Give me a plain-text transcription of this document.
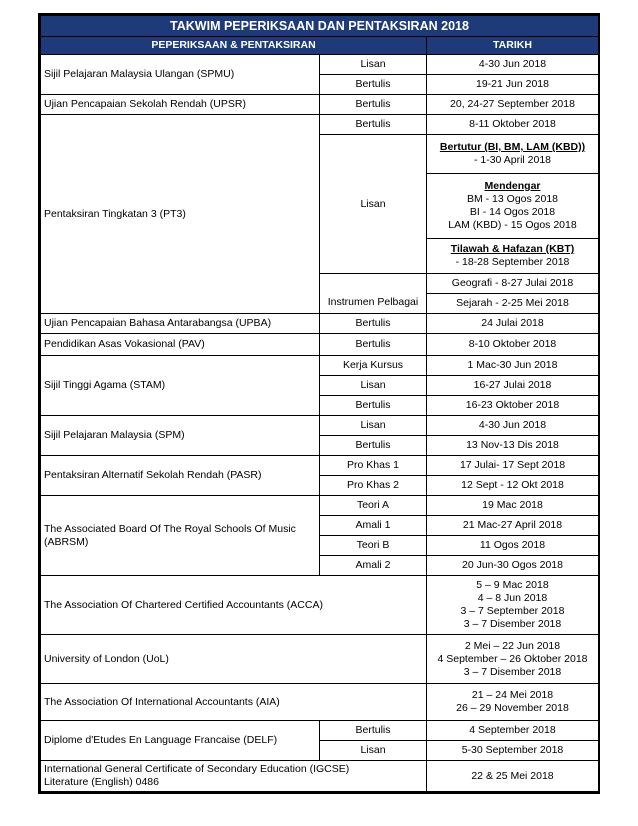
TAKWIM PEPERIKSAAN DAN PENTAKSIRAN 2018		
PEPERIKSAAN & PENTAKSIRAN		TARIKH
Sijil Pelajaran Malaysia Ulangan (SPMU)	Lisan	4-30 Jun 2018
	Bertulis	19-21 Jun 2018
Ujian Pencapaian Sekolah Rendah (UPSR)	Bertulis	20, 24-27 September 2018
Pentaksiran Tingkatan 3 (PT3)	Bertulis	8-11 Oktober 2018
	Lisan	Bertutur (BI, BM, LAM (KBD))
- 1-30 April 2018

		Mendengar
BM - 13 Ogos 2018
BI - 14 Ogos 2018
LAM (KBD) - 15 Ogos 2018

		Tilawah & Hafazan (KBT)
- 18-28 September 2018

	Instrumen Pelbagai	Geografi - 8-27 Julai 2018
		Sejarah - 2-25 Mei 2018
Ujian Pencapaian Bahasa Antarabangsa (UPBA)	Bertulis	24 Julai 2018
Pendidikan Asas Vokasional (PAV)	Bertulis	8-10 Oktober 2018
Sijil Tinggi Agama (STAM)	Kerja Kursus	1 Mac-30 Jun 2018
	Lisan	16-27 Julai 2018
	Bertulis	16-23 Oktober 2018
Sijil Pelajaran Malaysia (SPM)	Lisan	4-30 Jun 2018
	Bertulis	13 Nov-13 Dis 2018
Pentaksiran Alternatif Sekolah Rendah (PASR)	Pro Khas 1	17 Julai- 17 Sept 2018
	Pro Khas 2	12 Sept - 12 Okt 2018

The Associated Board Of The Royal Schools Of Music
(ABRSM)	Teori A	19 Mac 2018
	Amali 1	21 Mac-27 April 2018
	Teori B	11 Ogos 2018
	Amali 2	20 Jun-30 Ogos 2018
The Association Of Chartered Certified Accountants (ACCA)		5 – 9 Mac 2018
4 – 8 Jun 2018
3 – 7 September 2018
3 – 7 Disember 2018

University of London (UoL)		2 Mei – 22 Jun 2018
4 September – 26 Oktober 2018
3 – 7 Disember 2018

The Association Of International Accountants (AIA)		21 – 24 Mei 2018
26 – 29 November 2018

Diplome d'Etudes En Language Francaise (DELF)	Bertulis	4 September 2018
	Lisan	5-30 September 2018

International General Certificate of Secondary Education (IGCSE)
Literature (English) 0486		22 & 25 Mei 2018
